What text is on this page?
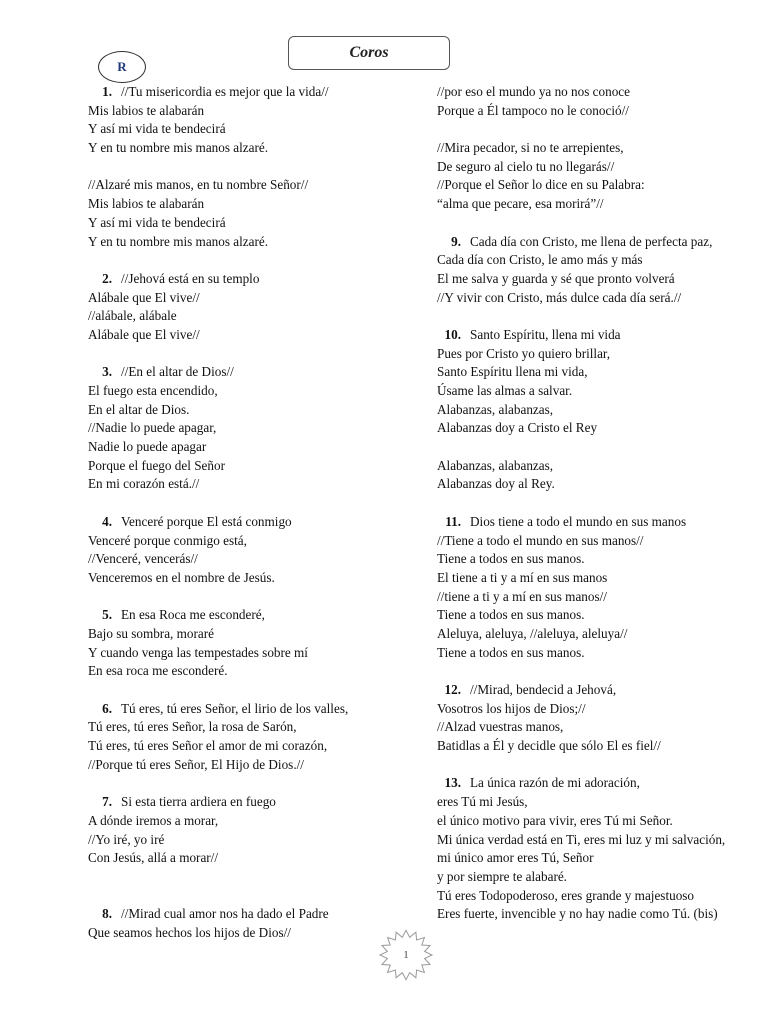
Coros
R
1. //Tu misericordia es mejor que la vida//
Mis labios te alabarán
Y así mi vida te bendecirá
Y en tu nombre mis manos alzaré.
//Alzaré mis manos, en tu nombre Señor//
Mis labios te alabarán
Y así mi vida te bendecirá
Y en tu nombre mis manos alzaré.
2. //Jehová está en su templo
Alábale que El vive//
//alábale, alábale
Alábale que El vive//
3. //En el altar de Dios//
El fuego esta encendido,
En el altar de Dios.
//Nadie lo puede apagar,
Nadie lo puede apagar
Porque el fuego del Señor
En mi corazón está.//
4. Venceré porque El está conmigo
Venceré porque conmigo está,
//Venceré, vencerás//
Venceremos en el nombre de Jesús.
5. En esa Roca me esconderé,
Bajo su sombra, moraré
Y cuando venga las tempestades sobre mí
En esa roca me esconderé.
6. Tú eres, tú eres Señor, el lirio de los valles,
Tú eres, tú eres Señor, la rosa de Sarón,
Tú eres, tú eres Señor el amor de mi corazón,
//Porque tú eres Señor, El Hijo de Dios.//
7. Si esta tierra ardiera en fuego
A dónde iremos a morar,
//Yo iré, yo iré
Con Jesús, allá a morar//
8. //Mirad cual amor nos ha dado el Padre
Que seamos hechos los hijos de Dios//
//por eso el mundo ya no nos conoce
Porque a Él tampoco no le conoció//
//Mira pecador, si no te arrepientes,
De seguro al cielo tu no llegarás//
//Porque el Señor lo dice en su Palabra:
“alma que pecare, esa morirá”//
9. Cada día con Cristo, me llena de perfecta paz,
Cada día con Cristo, le amo más y más
El me salva y guarda y sé que pronto volverá
//Y vivir con Cristo, más dulce cada día será.//
10. Santo Espíritu, llena mi vida
Pues por Cristo yo quiero brillar,
Santo Espíritu llena mi vida,
Úsame las almas a salvar.
Alabanzas, alabanzas,
Alabanzas doy a Cristo el Rey
Alabanzas, alabanzas,
Alabanzas doy al Rey.
11. Dios tiene a todo el mundo en sus manos
//Tiene a todo el mundo en sus manos//
Tiene a todos en sus manos.
El tiene a ti y a mí en sus manos
//tiene a ti y a mí en sus manos//
Tiene a todos en sus manos.
Aleluya, aleluya, //aleluya, aleluya//
Tiene a todos en sus manos.
12. //Mirad, bendecid a Jehová,
Vosotros los hijos de Dios;//
//Alzad vuestras manos,
Batidlas a Él y decidle que sólo El es fiel//
13. La única razón de mi adoración,
eres Tú mi Jesús,
el único motivo para vivir, eres Tú mi Señor.
Mi única verdad está en Ti, eres mi luz y mi salvación,
mi único amor eres Tú, Señor
y por siempre te alabaré.
Tú eres Todopoderoso, eres grande y majestuoso
Eres fuerte, invencible y no hay nadie como Tú. (bis)
1
